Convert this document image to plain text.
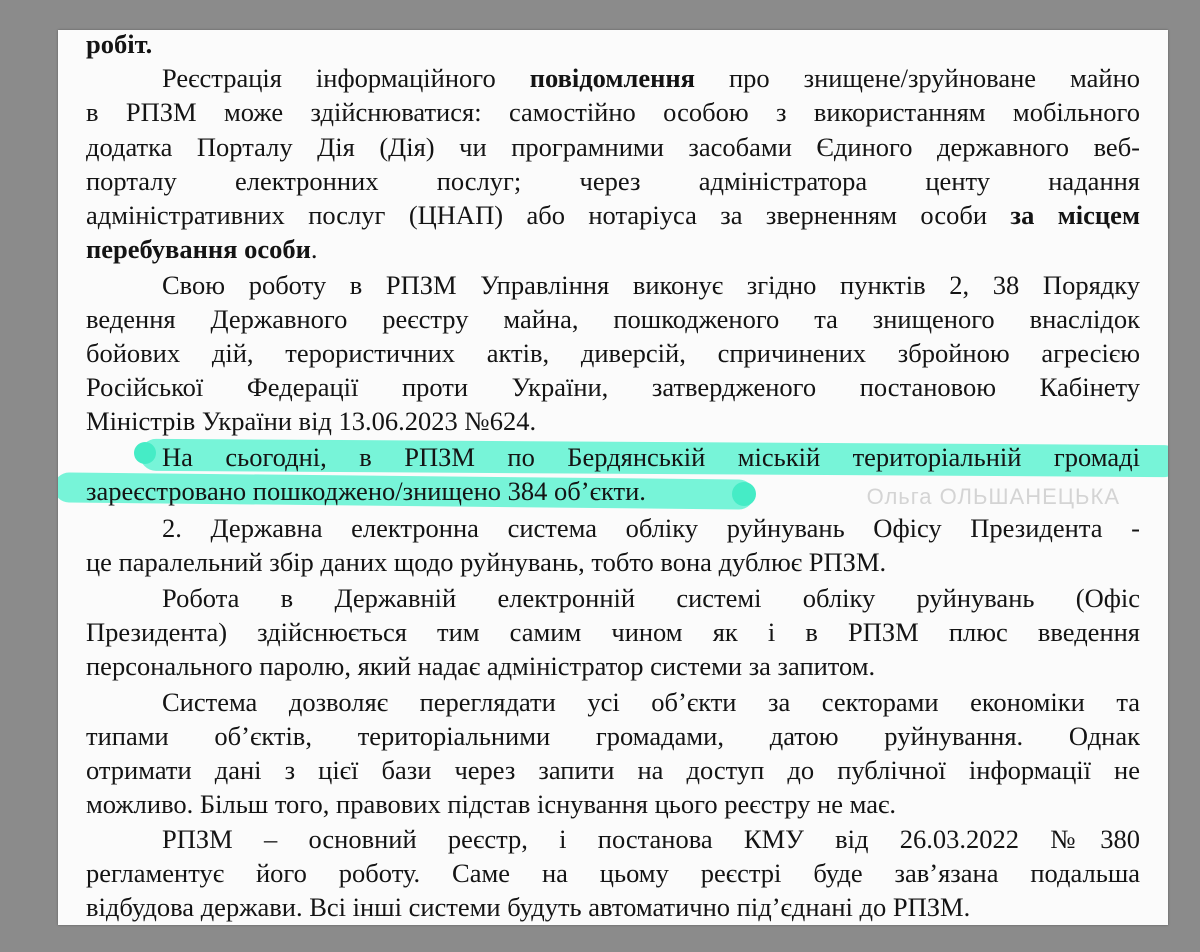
Ольга ОЛЬШАНЕЦЬКА
робіт.
Реєстрація інформаційного повідомлення про знищене/зруйноване майно
в РПЗМ може здійснюватися: самостійно особою з використанням мобільного
додатка Порталу Дія (Дія) чи програмними засобами Єдиного державного веб-
порталу електронних послуг; через адміністратора центу надання
адміністративних послуг (ЦНАП) або нотаріуса за зверненням особи за місцем
перебування особи.
Свою роботу в РПЗМ Управління виконує згідно пунктів 2, 38 Порядку
ведення Державного реєстру майна, пошкодженого та знищеного внаслідок
бойових дій, терористичних актів, диверсій, спричинених збройною агресією
Російської Федерації проти України, затвердженого постановою Кабінету
Міністрів України від 13.06.2023 №624.
На сьогодні, в РПЗМ по Бердянській міській територіальній громаді
зареєстровано пошкоджено/знищено 384 об’єкти.
2. Державна електронна система обліку руйнувань Офісу Президента -
це паралельний збір даних щодо руйнувань, тобто вона дублює РПЗМ.
Робота в Державній електронній системі обліку руйнувань (Офіс
Президента) здійснюється тим самим чином як і в РПЗМ плюс введення
персонального паролю, який надає адміністратор системи за запитом.
Система дозволяє переглядати усі об’єкти за секторами економіки та
типами об’єктів, територіальними громадами, датою руйнування. Однак
отримати дані з цієї бази через запити на доступ до публічної інформації не
можливо. Більш того, правових підстав існування цього реєстру не має.
РПЗМ – основний реєстр, і постанова КМУ від 26.03.2022 №380
регламентує його роботу. Саме на цьому реєстрі буде зав’язана подальша
відбудова держави. Всі інші системи будуть автоматично під’єднані до РПЗМ.
